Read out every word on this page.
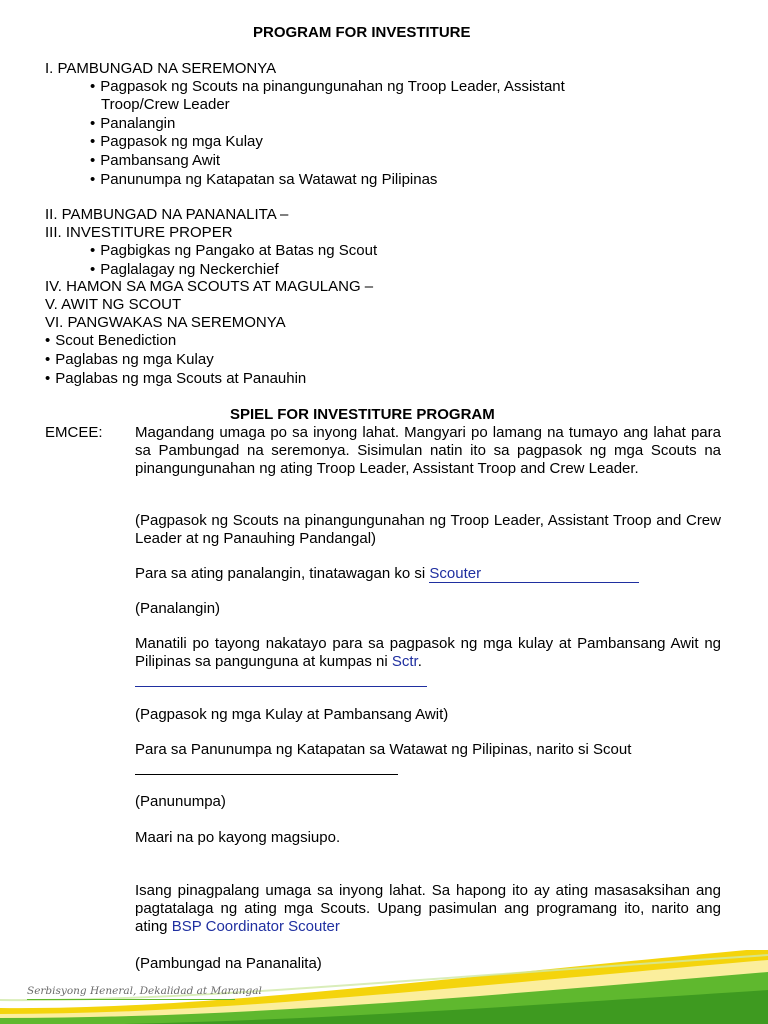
PROGRAM FOR INVESTITURE
I. PAMBUNGAD NA SEREMONYA
• Pagpasok ng Scouts na pinangungunahan ng Troop Leader, Assistant
Troop/Crew Leader
• Panalangin
• Pagpasok ng mga Kulay
• Pambansang Awit
• Panunumpa ng Katapatan sa Watawat ng Pilipinas
II. PAMBUNGAD NA PANANALITA –
III. INVESTITURE PROPER
• Pagbigkas ng Pangako at Batas ng Scout
• Paglalagay ng Neckerchief
IV. HAMON SA MGA SCOUTS AT MAGULANG –
V. AWIT NG SCOUT
VI. PANGWAKAS NA SEREMONYA
• Scout Benediction
• Paglabas ng mga Kulay
• Paglabas ng mga Scouts at Panauhin
SPIEL FOR INVESTITURE PROGRAM
EMCEE: Magandang umaga po sa inyong lahat. Mangyari po lamang na tumayo ang lahat para sa Pambungad na seremonya. Sisimulan natin ito sa pagpasok ng mga Scouts na pinangungunahan ng ating Troop Leader, Assistant Troop and Crew Leader.
(Pagpasok ng Scouts na pinangungunahan ng Troop Leader, Assistant Troop and Crew Leader at ng Panauhing Pandangal)
Para sa ating panalangin, tinatawagan ko si Scouter
(Panalangin)
Manatili po tayong nakatayo para sa pagpasok ng mga kulay at Pambansang Awit ng Pilipinas sa pangunguna at kumpas ni Sctr.
(Pagpasok ng mga Kulay at Pambansang Awit)
Para sa Panunumpa ng Katapatan sa Watawat ng Pilipinas, narito si Scout
(Panunumpa)
Maari na po kayong magsiupo.
Isang pinagpalang umaga sa inyong lahat. Sa hapong ito ay ating masasaksihan ang pagtatalaga ng ating mga Scouts. Upang pasimulan ang programang ito, narito ang ating BSP Coordinator Scouter
(Pambungad na Pananalita)
Serbisyong Heneral, Dekalidad at Marangal
